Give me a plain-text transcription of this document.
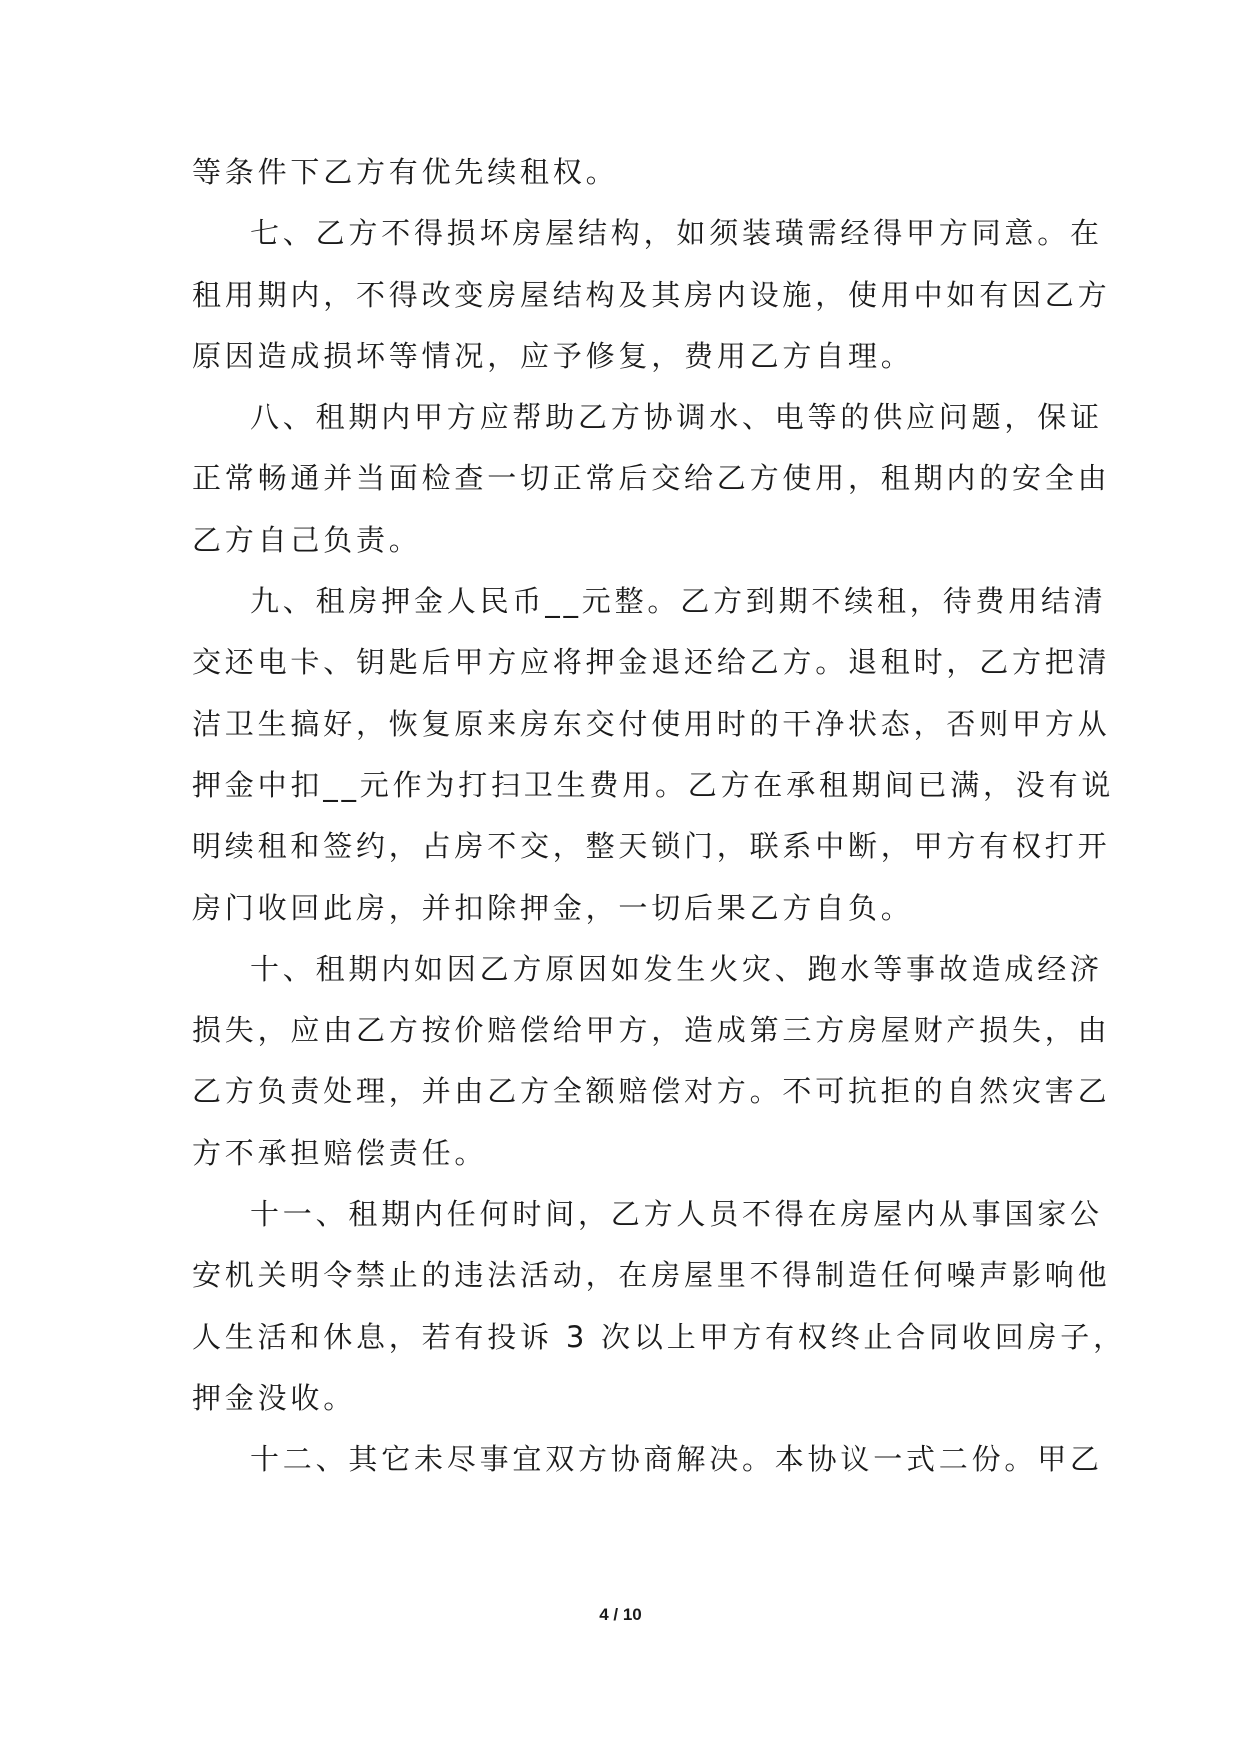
等条件下乙方有优先续租权。
七、乙方不得损坏房屋结构，如须装璜需经得甲方同意。在
租用期内，不得改变房屋结构及其房内设施，使用中如有因乙方
原因造成损坏等情况，应予修复，费用乙方自理。
八、租期内甲方应帮助乙方协调水、电等的供应问题，保证
正常畅通并当面检查一切正常后交给乙方使用，租期内的安全由
乙方自己负责。
九、租房押金人民币__元整。乙方到期不续租，待费用结清
交还电卡、钥匙后甲方应将押金退还给乙方。退租时，乙方把清
洁卫生搞好，恢复原来房东交付使用时的干净状态，否则甲方从
押金中扣__元作为打扫卫生费用。乙方在承租期间已满，没有说
明续租和签约，占房不交，整天锁门，联系中断，甲方有权打开
房门收回此房，并扣除押金，一切后果乙方自负。
十、租期内如因乙方原因如发生火灾、跑水等事故造成经济
损失，应由乙方按价赔偿给甲方，造成第三方房屋财产损失，由
乙方负责处理，并由乙方全额赔偿对方。不可抗拒的自然灾害乙
方不承担赔偿责任。
十一、租期内任何时间，乙方人员不得在房屋内从事国家公
安机关明令禁止的违法活动，在房屋里不得制造任何噪声影响他
人生活和休息，若有投诉 3 次以上甲方有权终止合同收回房子，
押金没收。
十二、其它未尽事宜双方协商解决。本协议一式二份。甲乙
4 / 10
